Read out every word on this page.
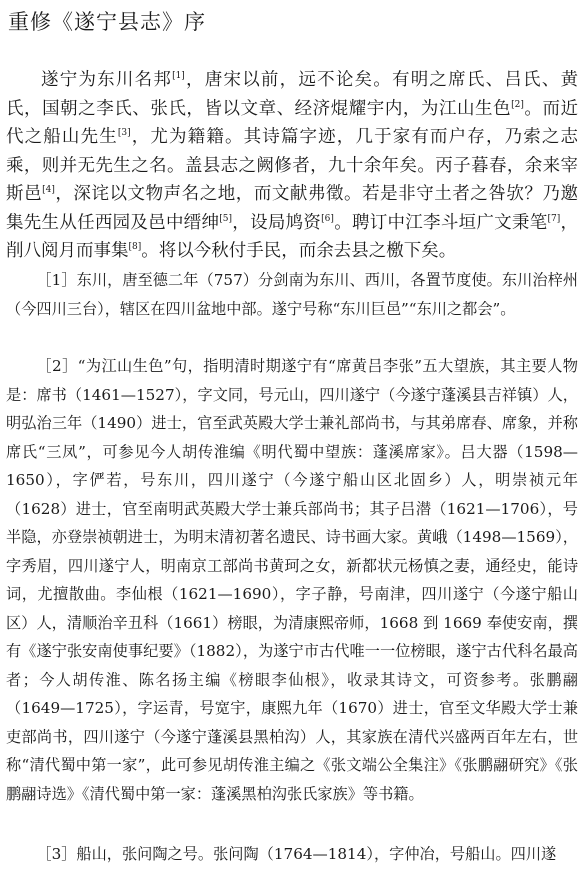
重修《遂宁县志》序

遂宁为东川名邦[1]，唐宋以前，远不论矣。有明之席氏、吕氏、黄氏，国朝之李氏、张氏，皆以文章、经济焜耀宇内，为江山生色[2]。而近代之船山先生[3]，尤为籍籍。其诗篇字迹，几于家有而户存，乃索之志乘，则并无先生之名。盖县志之阙修者，九十余年矣。丙子暮春，余来宰斯邑[4]，深诧以文物声名之地，而文献弗徵。若是非守土者之咎欤？乃邀集先生从任西园及邑中缙绅[5]，设局鸠资[6]。聘订中江李斗垣广文秉笔[7]，削八阅月而事集[8]。将以今秋付手民，而余去县之檄下矣。

［1］东川，唐至德二年（757）分剑南为东川、西川，各置节度使。东川治梓州（今四川三台），辖区在四川盆地中部。遂宁号称“东川巨邑”“东川之都会”。

［2］“为江山生色”句，指明清时期遂宁有“席黄吕李张”五大望族，其主要人物是：席书（1461—1527），字文同，号元山，四川遂宁（今遂宁蓬溪县吉祥镇）人，明弘治三年（1490）进士，官至武英殿大学士兼礼部尚书，与其弟席春、席象，并称席氏“三凤”，可参见今人胡传淮编《明代蜀中望族：蓬溪席家》。吕大器（1598—1650），字俨若，号东川，四川遂宁（今遂宁船山区北固乡）人，明崇祯元年（1628）进士，官至南明武英殿大学士兼兵部尚书；其子吕潜（1621—1706），号半隐，亦登崇祯朝进士，为明末清初著名遗民、诗书画大家。黄峨（1498—1569），字秀眉，四川遂宁人，明南京工部尚书黄珂之女，新都状元杨慎之妻，通经史，能诗词，尤擅散曲。李仙根（1621—1690），字子静，号南津，四川遂宁（今遂宁船山区）人，清顺治辛丑科（1661）榜眼，为清康熙帝师，1668 到 1669 奉使安南，撰有《遂宁张安南使事纪要》（1882），为遂宁市古代唯一一位榜眼，遂宁古代科名最高者；今人胡传淮、陈名扬主编《榜眼李仙根》，收录其诗文，可资参考。张鹏翮（1649—1725），字运青，号宽宇，康熙九年（1670）进士，官至文华殿大学士兼吏部尚书，四川遂宁（今遂宁蓬溪县黑柏沟）人，其家族在清代兴盛两百年左右，世称“清代蜀中第一家”，此可参见胡传淮主编之《张文端公全集注》《张鹏翮研究》《张鹏翮诗选》《清代蜀中第一家：蓬溪黑柏沟张氏家族》等书籍。

［3］船山，张问陶之号。张问陶（1764—1814），字仲冶，号船山。四川遂
